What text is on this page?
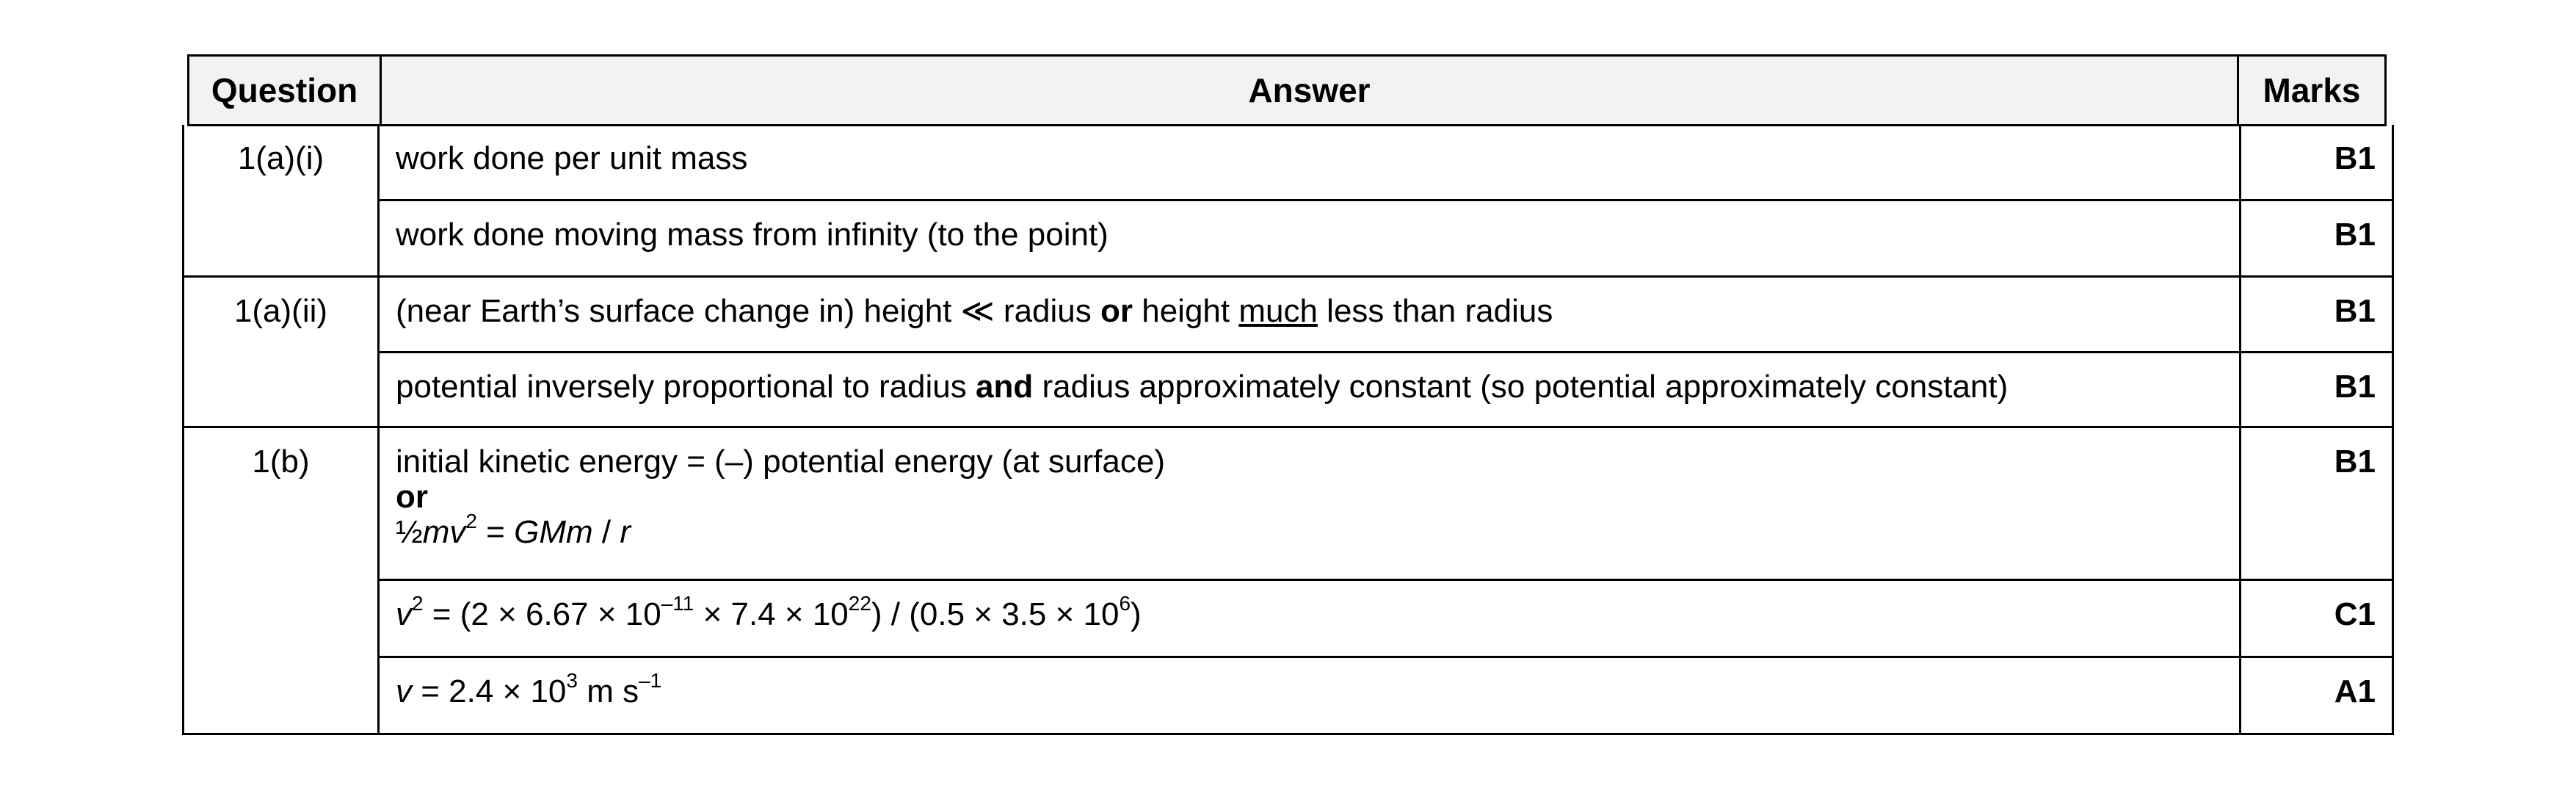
Question	Answer	Marks
1(a)(i)	work done per unit mass	B1
	work done moving mass from infinity (to the point)	B1
1(a)(ii)	(near Earth’s surface change in) height ≪ radius or height much less than radius	B1
	potential inversely proportional to radius and radius approximately constant (so potential approximately constant)	B1
1(b)	initial kinetic energy = (–) potential energy (at surface)
or
$\frac{1}{2}mv^2$ = GMm / r	B1
	$v^2 = (2 \times 6.67 \times 10^{-11} \times 7.4 \times 10^{22}) / (0.5 \times 3.5 \times 10^6)$	C1
	$v = 2.4 \times 10^3$ m $s^{-1}$	A1
